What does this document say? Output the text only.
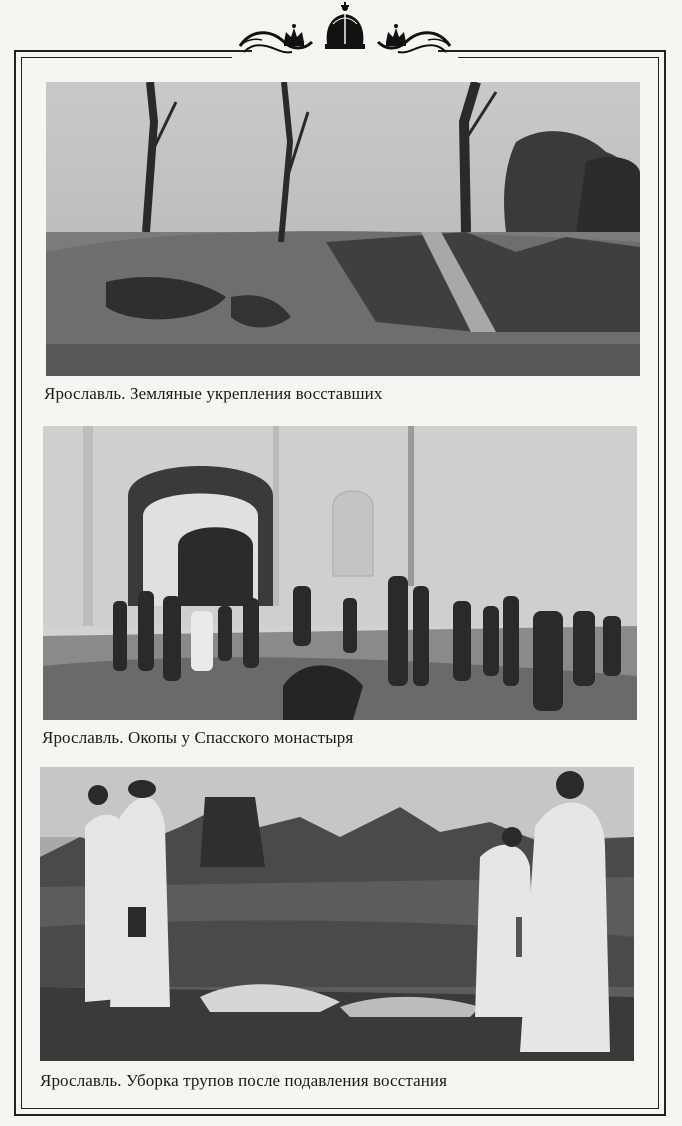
Ярославль. Земляные укрепления восставших
Ярославль. Окопы у Спасского монастыря
Ярославль. Уборка трупов после подавления восстания
